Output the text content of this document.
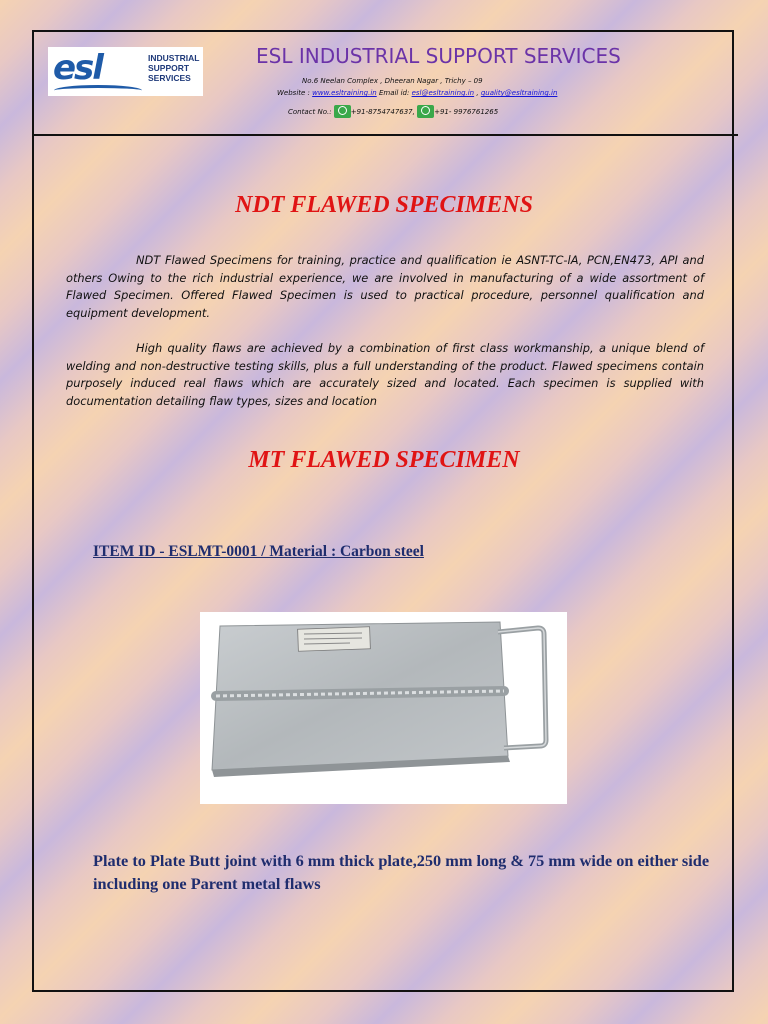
esl	INDUSTRIAL
SUPPORT
SERVICES
ESL INDUSTRIAL SUPPORT SERVICES
No.6 Neelan Complex , Dheeran Nagar , Trichy – 09
Website : www.esltraining.in Email id: esl@esltraining.in , quality@esltraining.in
Contact No.:	+91-8754747637,	+91- 9976761265
NDT FLAWED SPECIMENS

NDT Flawed Specimens for training, practice and qualification ie ASNT-TC-lA, PCN,EN473, API and others Owing to the rich industrial experience, we are involved in manufacturing of a wide assortment of Flawed Specimen. Offered Flawed Specimen is used to practical procedure, personnel qualification and equipment development.

High quality flaws are achieved by a combination of first class workmanship, a unique blend of welding and non-destructive testing skills, plus a full understanding of the product. Flawed specimens contain purposely induced real flaws which are accurately sized and located. Each specimen is supplied with documentation detailing flaw types, sizes and location

MT FLAWED SPECIMEN
ITEM ID - ESLMT-0001 / Material : Carbon steel

Plate to Plate Butt joint with 6 mm thick plate,250 mm long & 75 mm wide on either side including one Parent metal flaws
